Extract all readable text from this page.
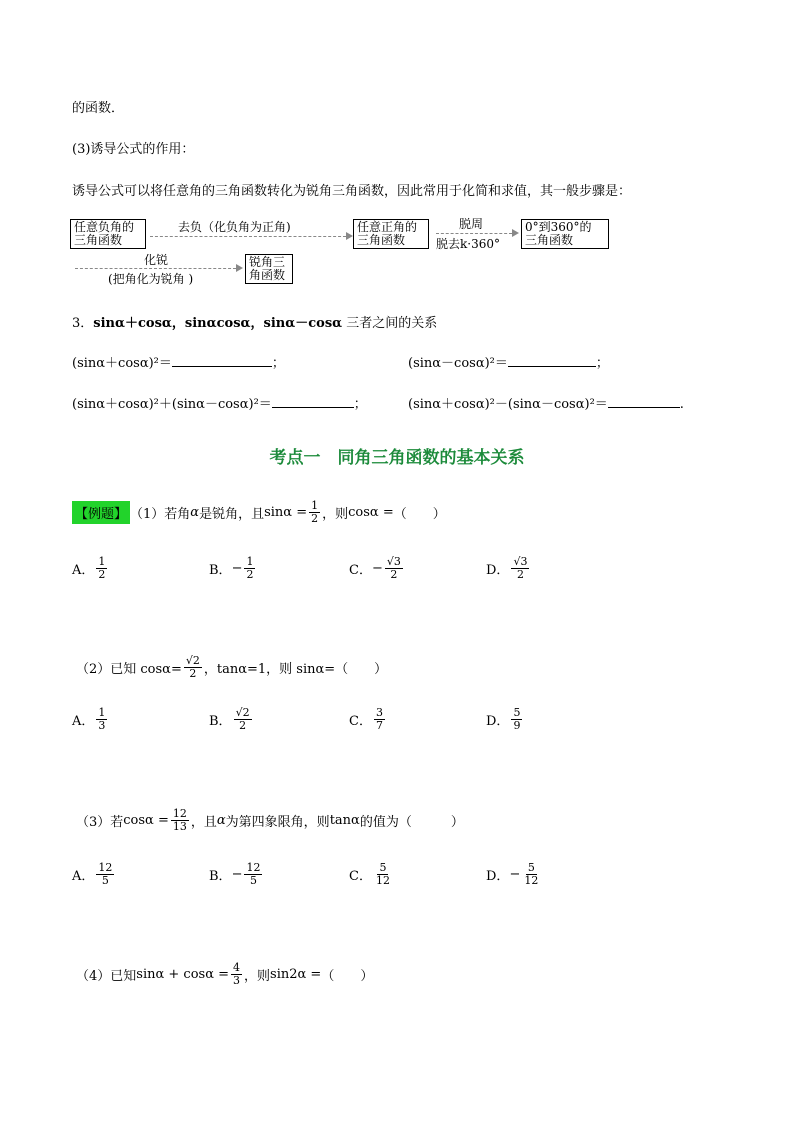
的函数．
(3)诱导公式的作用：
诱导公式可以将任意角的三角函数转化为锐角三角函数，因此常用于化简和求值，其一般步骤是：
任意负角的
三角函数
去负（化负角为正角)	任意正角的
三角函数
脱周
脱去k·360°
0°到360°的
三角函数
化锐
(把角化为锐角 )
锐角三
角函数
3．sinα＋cosα，sinαcosα，sinα－cosα 三者之间的关系
(sinα＋cosα)²＝	；	(sinα－cosα)²＝	；
(sinα＋cosα)²＋(sinα－cosα)²＝	；	(sinα＋cosα)²－(sinα－cosα)²＝	.
考点一　同角三角函数的基本关系
【例题】 （1）若角 α 是锐角，且 $\sin\alpha = \frac{1}{2}$ ，则 cosα = （　　）
A． $\frac{1}{2}$	B． − $\frac{1}{2}$	C． − $\frac{√3}{2}$	D． $\frac{√3}{2}$
（2）已知 $\cos\alpha= \frac{√2}{2}$ ，tanα=1，则 sinα=（　　）
A． $\frac{1}{3}$	B． $\frac{√2}{2}$	C． $\frac{3}{7}$	D． $\frac{5}{9}$
（3）若 $\cos\alpha = \frac{12}{13}$ ，且 α 为第四象限角，则 tanα 的值为（　　　）
A． $\frac{12}{5}$	B． − $\frac{12}{5}$	C． $\frac{5}{12}$	D． − $\frac{5}{12}$
（4）已知 $\sin\alpha + \cos\alpha = \frac{4}{3}$ ，则 sin2α = （　　）
